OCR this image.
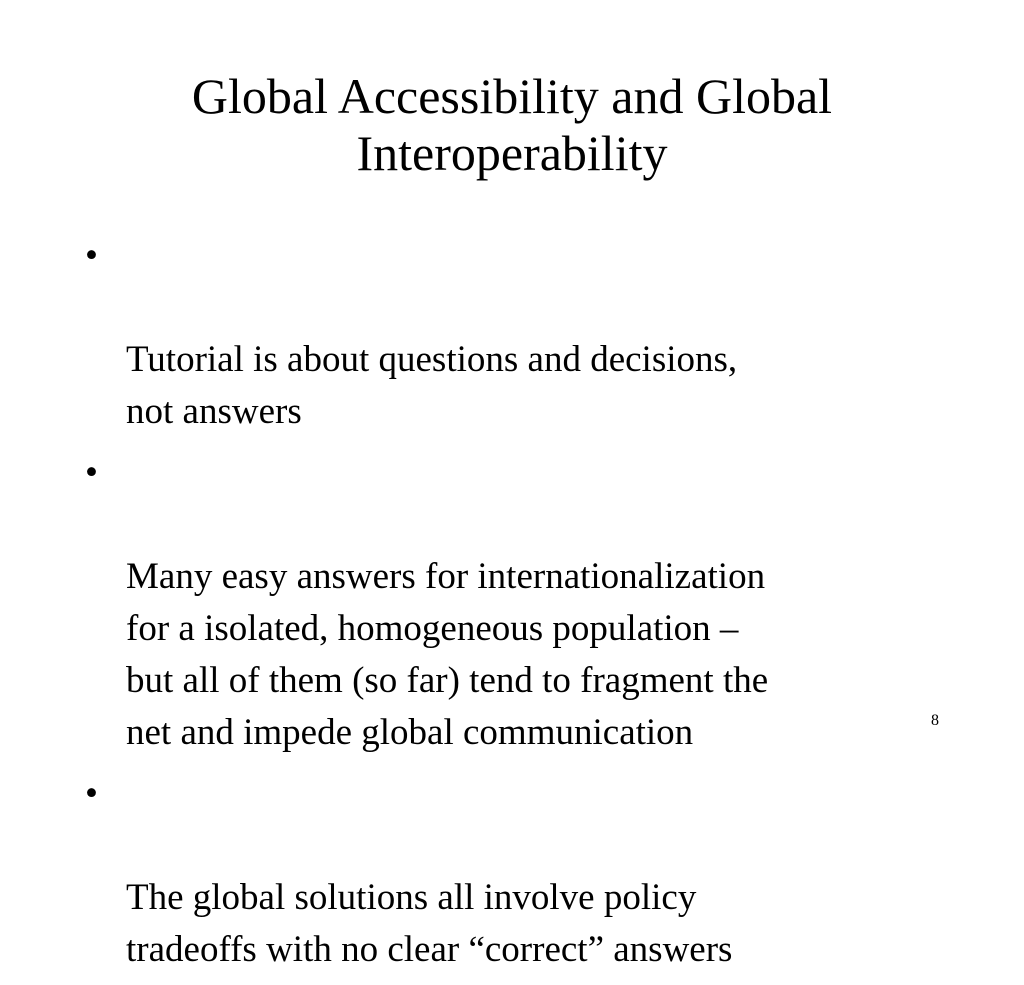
Global Accessibility and Global
Interoperability

•

Tutorial is about questions and decisions,
not answers

•

Many easy answers for internationalization
for a isolated, homogeneous population –
but all of them (so far) tend to fragment the
net and impede global communication

•

The global solutions all involve policy
tradeoffs with no clear “correct” answers

8
